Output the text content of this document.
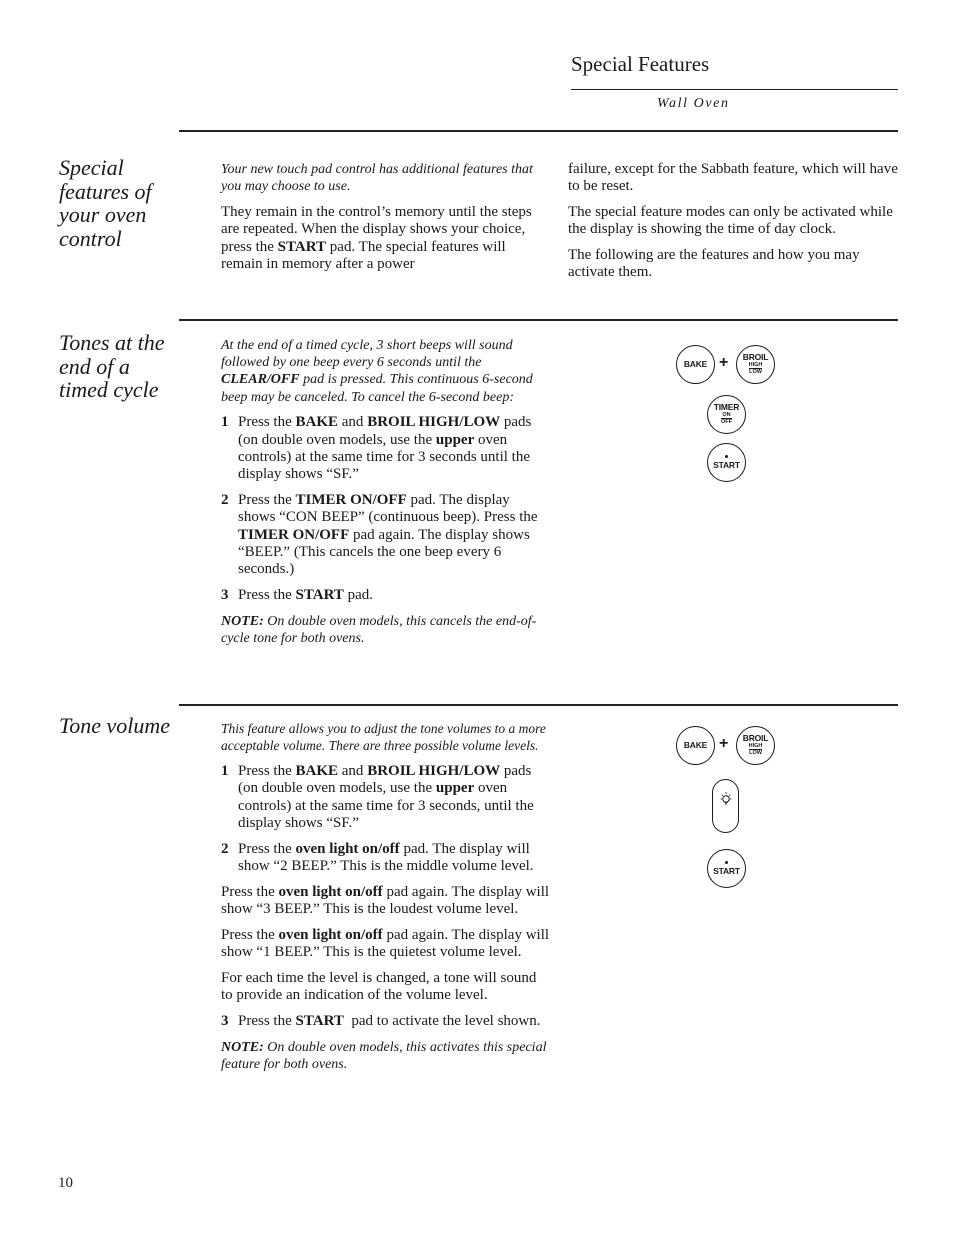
Special Features
Wall Oven
Special features of your oven control

Your new touch pad control has additional features that you may choose to use.

They remain in the control’s memory until the steps are repeated. When the display shows your choice, press the START pad. The special features will remain in memory after a power

failure, except for the Sabbath feature, which will have to be reset.

The special feature modes can only be activated while the display is showing the time of day clock.

The following are the features and how you may activate them.

Tones at the end of a timed cycle

At the end of a timed cycle, 3 short beeps will sound followed by one beep every 6 seconds until the CLEAR/OFF pad is pressed. This continuous 6-second beep may be canceled. To cancel the 6-second beep:

1 Press the BAKE and BROIL HIGH/LOW pads (on double oven models, use the upper oven controls) at the same time for 3 seconds until the display shows “SF.”
2 Press the TIMER ON/OFF pad. The display shows “CON BEEP” (continuous beep). Press the TIMER ON/OFF pad again. The display shows “BEEP.” (This cancels the one beep every 6 seconds.)
3 Press the START pad.

NOTE: On double oven models, this cancels the end-of-cycle tone for both ovens.

BAKE + BROIL
HIGH
LOW
TIMER
ON
OFF
START
Tone volume	This feature allows you to adjust the tone volumes to a more acceptable volume. There are three possible volume levels.

1 Press the BAKE and BROIL HIGH/LOW pads (on double oven models, use the upper oven controls) at the same time for 3 seconds, until the display shows “SF.”
2 Press the oven light on/off pad. The display will show “2 BEEP.” This is the middle volume level.

Press the oven light on/off pad again. The display will show “3 BEEP.” This is the loudest volume level.

Press the oven light on/off pad again. The display will show “1 BEEP.” This is the quietest volume level.

For each time the level is changed, a tone will sound to provide an indication of the volume level.

3 Press the START  pad to activate the level shown.

NOTE: On double oven models, this activates this special feature for both ovens.

BAKE + BROIL
HIGH
LOW
START
10
